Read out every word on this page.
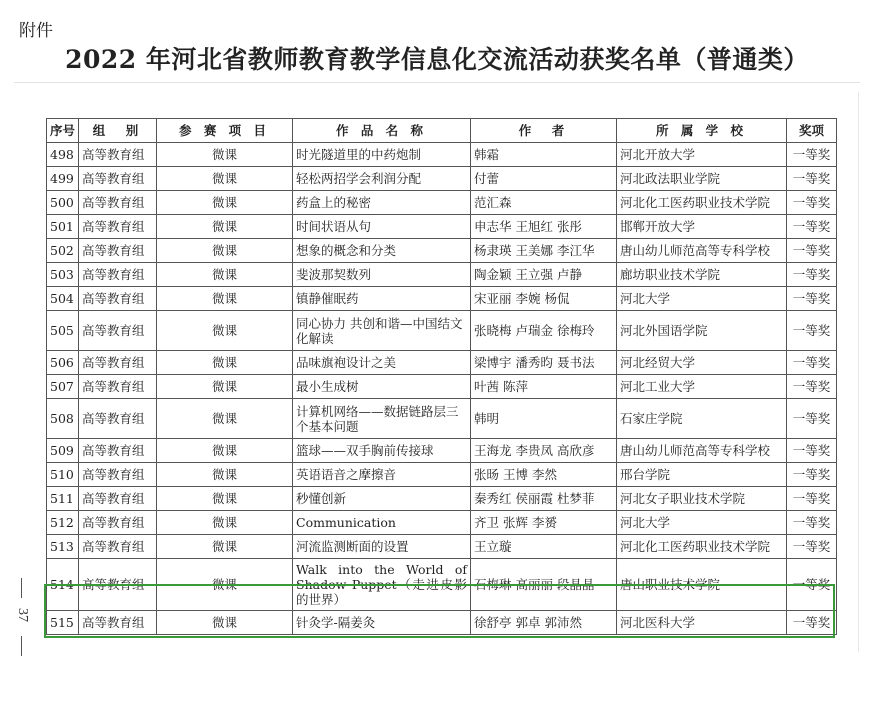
附件
2022 年河北省教师教育教学信息化交流活动获奖名单（普通类）
37
序号	组　别	参 赛 项 目	作 品 名 称	作　者	所 属 学 校	奖项
498	高等教育组	微课	时光隧道里的中药炮制	韩霜	河北开放大学	一等奖
499	高等教育组	微课	轻松两招学会利润分配	付蕾	河北政法职业学院	一等奖
500	高等教育组	微课	药盒上的秘密	范汇森	河北化工医药职业技术学院	一等奖
501	高等教育组	微课	时间状语从句	申志华 王旭红 张彤	邯郸开放大学	一等奖
502	高等教育组	微课	想象的概念和分类	杨隶瑛 王美娜 李江华	唐山幼儿师范高等专科学校	一等奖
503	高等教育组	微课	斐波那契数列	陶金颖 王立强 卢静	廊坊职业技术学院	一等奖
504	高等教育组	微课	镇静催眠药	宋亚丽 李婉 杨侃	河北大学	一等奖
505	高等教育组	微课	同心协力 共创和谐—中国结文化解读	张晓梅 卢瑞金 徐梅玲	河北外国语学院	一等奖
506	高等教育组	微课	品味旗袍设计之美	梁博宇 潘秀昀 聂书法	河北经贸大学	一等奖
507	高等教育组	微课	最小生成树	叶茜 陈萍	河北工业大学	一等奖
508	高等教育组	微课	计算机网络——数据链路层三个基本问题	韩明	石家庄学院	一等奖
509	高等教育组	微课	篮球——双手胸前传接球	王海龙 李贵凤 高欣彦	唐山幼儿师范高等专科学校	一等奖
510	高等教育组	微课	英语语音之摩擦音	张旸 王博 李然	邢台学院	一等奖
511	高等教育组	微课	秒懂创新	秦秀红 侯丽霞 杜梦菲	河北女子职业技术学院	一等奖
512	高等教育组	微课	Communication	齐卫 张辉 李赟	河北大学	一等奖
513	高等教育组	微课	河流监测断面的设置	王立璇	河北化工医药职业技术学院	一等奖
514	高等教育组	微课	Walk into the World of Shadow Puppet（走进皮影的世界）	石梅琳 高丽丽 段晶晶	唐山职业技术学院	一等奖
515	高等教育组	微课	针灸学-隔姜灸	徐舒亭 郭卓 郭沛然	河北医科大学	一等奖
